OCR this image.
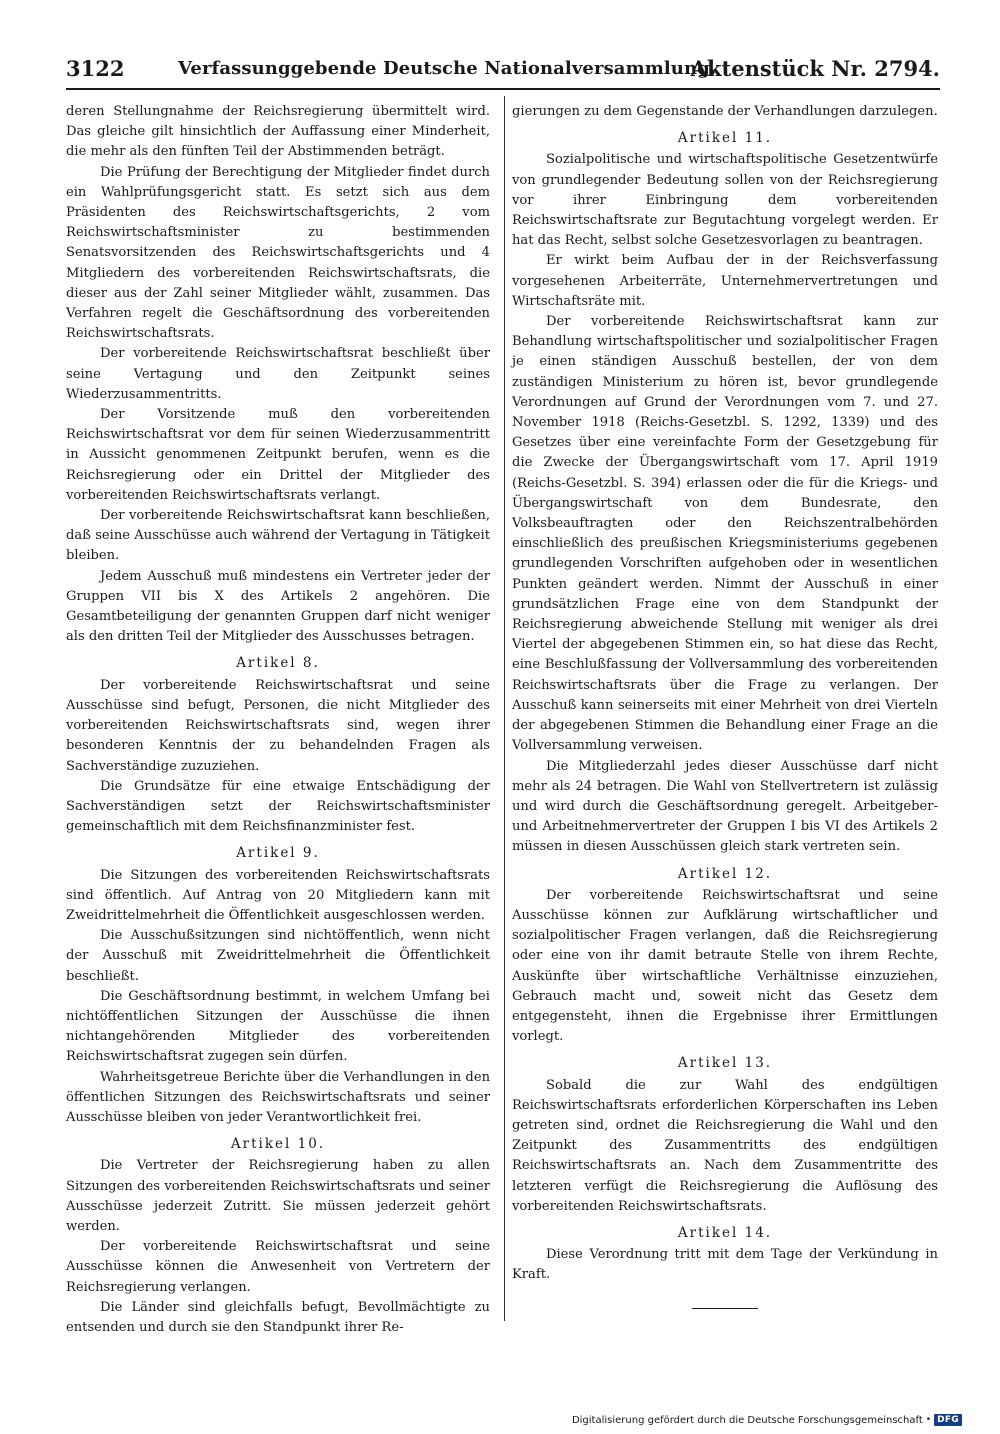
3122	Verfassunggebende Deutsche Nationalversammlung.
Aktenstück Nr. 2794.

deren Stellungnahme der Reichsregierung übermittelt wird. Das gleiche gilt hinsichtlich der Auffassung einer Minderheit, die mehr als den fünften Teil der Abstimmenden beträgt.

Die Prüfung der Berechtigung der Mitglieder findet durch ein Wahlprüfungsgericht statt. Es setzt sich aus dem Präsidenten des Reichswirtschaftsgerichts, 2 vom Reichswirtschaftsminister zu bestimmenden Senatsvorsitzenden des Reichswirtschaftsgerichts und 4 Mitgliedern des vorbereitenden Reichswirtschaftsrats, die dieser aus der Zahl seiner Mitglieder wählt, zusammen. Das Verfahren regelt die Geschäftsordnung des vorbereitenden Reichswirtschaftsrats.

Der vorbereitende Reichswirtschaftsrat beschließt über seine Vertagung und den Zeitpunkt seines Wiederzusammentritts.

Der Vorsitzende muß den vorbereitenden Reichswirtschaftsrat vor dem für seinen Wiederzusammentritt in Aussicht genommenen Zeitpunkt berufen, wenn es die Reichsregierung oder ein Drittel der Mitglieder des vorbereitenden Reichswirtschaftsrats verlangt.

Der vorbereitende Reichswirtschaftsrat kann beschließen, daß seine Ausschüsse auch während der Vertagung in Tätigkeit bleiben.

Jedem Ausschuß muß mindestens ein Vertreter jeder der Gruppen VII bis X des Artikels 2 angehören. Die Gesamtbeteiligung der genannten Gruppen darf nicht weniger als den dritten Teil der Mitglieder des Ausschusses betragen.

Artikel 8.

Der vorbereitende Reichswirtschaftsrat und seine Ausschüsse sind befugt, Personen, die nicht Mitglieder des vorbereitenden Reichswirtschaftsrats sind, wegen ihrer besonderen Kenntnis der zu behandelnden Fragen als Sachverständige zuzuziehen.

Die Grundsätze für eine etwaige Entschädigung der Sachverständigen setzt der Reichswirtschaftsminister gemeinschaftlich mit dem Reichsfinanzminister fest.

Artikel 9.

Die Sitzungen des vorbereitenden Reichswirtschaftsrats sind öffentlich. Auf Antrag von 20 Mitgliedern kann mit Zweidrittelmehrheit die Öffentlichkeit ausgeschlossen werden.

Die Ausschußsitzungen sind nichtöffentlich, wenn nicht der Ausschuß mit Zweidrittelmehrheit die Öffentlichkeit beschließt.

Die Geschäftsordnung bestimmt, in welchem Umfang bei nichtöffentlichen Sitzungen der Ausschüsse die ihnen nichtangehörenden Mitglieder des vorbereitenden Reichswirtschaftsrat zugegen sein dürfen.

Wahrheitsgetreue Berichte über die Verhandlungen in den öffentlichen Sitzungen des Reichswirtschaftsrats und seiner Ausschüsse bleiben von jeder Verantwortlichkeit frei.

Artikel 10.

Die Vertreter der Reichsregierung haben zu allen Sitzungen des vorbereitenden Reichswirtschaftsrats und seiner Ausschüsse jederzeit Zutritt. Sie müssen jederzeit gehört werden.

Der vorbereitende Reichswirtschaftsrat und seine Ausschüsse können die Anwesenheit von Vertretern der Reichsregierung verlangen.

Die Länder sind gleichfalls befugt, Bevollmächtigte zu entsenden und durch sie den Standpunkt ihrer Re-

gierungen zu dem Gegenstande der Verhandlungen darzulegen.

Artikel 11.

Sozialpolitische und wirtschaftspolitische Gesetzentwürfe von grundlegender Bedeutung sollen von der Reichsregierung vor ihrer Einbringung dem vorbereitenden Reichswirtschaftsrate zur Begutachtung vorgelegt werden. Er hat das Recht, selbst solche Gesetzesvorlagen zu beantragen.

Er wirkt beim Aufbau der in der Reichsverfassung vorgesehenen Arbeiterräte, Unternehmervertretungen und Wirtschaftsräte mit.

Der vorbereitende Reichswirtschaftsrat kann zur Behandlung wirtschaftspolitischer und sozialpolitischer Fragen je einen ständigen Ausschuß bestellen, der von dem zuständigen Ministerium zu hören ist, bevor grundlegende Verordnungen auf Grund der Verordnungen vom 7. und 27. November 1918 (Reichs-Gesetzbl. S. 1292, 1339) und des Gesetzes über eine vereinfachte Form der Gesetzgebung für die Zwecke der Übergangswirtschaft vom 17. April 1919 (Reichs-Gesetzbl. S. 394) erlassen oder die für die Kriegs- und Übergangswirtschaft von dem Bundesrate, den Volksbeauftragten oder den Reichszentralbehörden einschließlich des preußischen Kriegsministeriums gegebenen grundlegenden Vorschriften aufgehoben oder in wesentlichen Punkten geändert werden. Nimmt der Ausschuß in einer grundsätzlichen Frage eine von dem Standpunkt der Reichsregierung abweichende Stellung mit weniger als drei Viertel der abgegebenen Stimmen ein, so hat diese das Recht, eine Beschlußfassung der Vollversammlung des vorbereitenden Reichswirtschaftsrats über die Frage zu verlangen. Der Ausschuß kann seinerseits mit einer Mehrheit von drei Vierteln der abgegebenen Stimmen die Behandlung einer Frage an die Vollversammlung verweisen.

Die Mitgliederzahl jedes dieser Ausschüsse darf nicht mehr als 24 betragen. Die Wahl von Stellvertretern ist zulässig und wird durch die Geschäftsordnung geregelt. Arbeitgeber- und Arbeitnehmervertreter der Gruppen I bis VI des Artikels 2 müssen in diesen Ausschüssen gleich stark vertreten sein.

Artikel 12.

Der vorbereitende Reichswirtschaftsrat und seine Ausschüsse können zur Aufklärung wirtschaftlicher und sozialpolitischer Fragen verlangen, daß die Reichsregierung oder eine von ihr damit betraute Stelle von ihrem Rechte, Auskünfte über wirtschaftliche Verhältnisse einzuziehen, Gebrauch macht und, soweit nicht das Gesetz dem entgegensteht, ihnen die Ergebnisse ihrer Ermittlungen vorlegt.

Artikel 13.

Sobald die zur Wahl des endgültigen Reichswirtschaftsrats erforderlichen Körperschaften ins Leben getreten sind, ordnet die Reichsregierung die Wahl und den Zeitpunkt des Zusammentritts des endgültigen Reichswirtschaftsrats an. Nach dem Zusammentritte des letzteren verfügt die Reichsregierung die Auflösung des vorbereitenden Reichswirtschaftsrats.

Artikel 14.

Diese Verordnung tritt mit dem Tage der Verkündung in Kraft.

Digitalisierung gefördert durch die Deutsche Forschungsgemeinschaft • DFG
